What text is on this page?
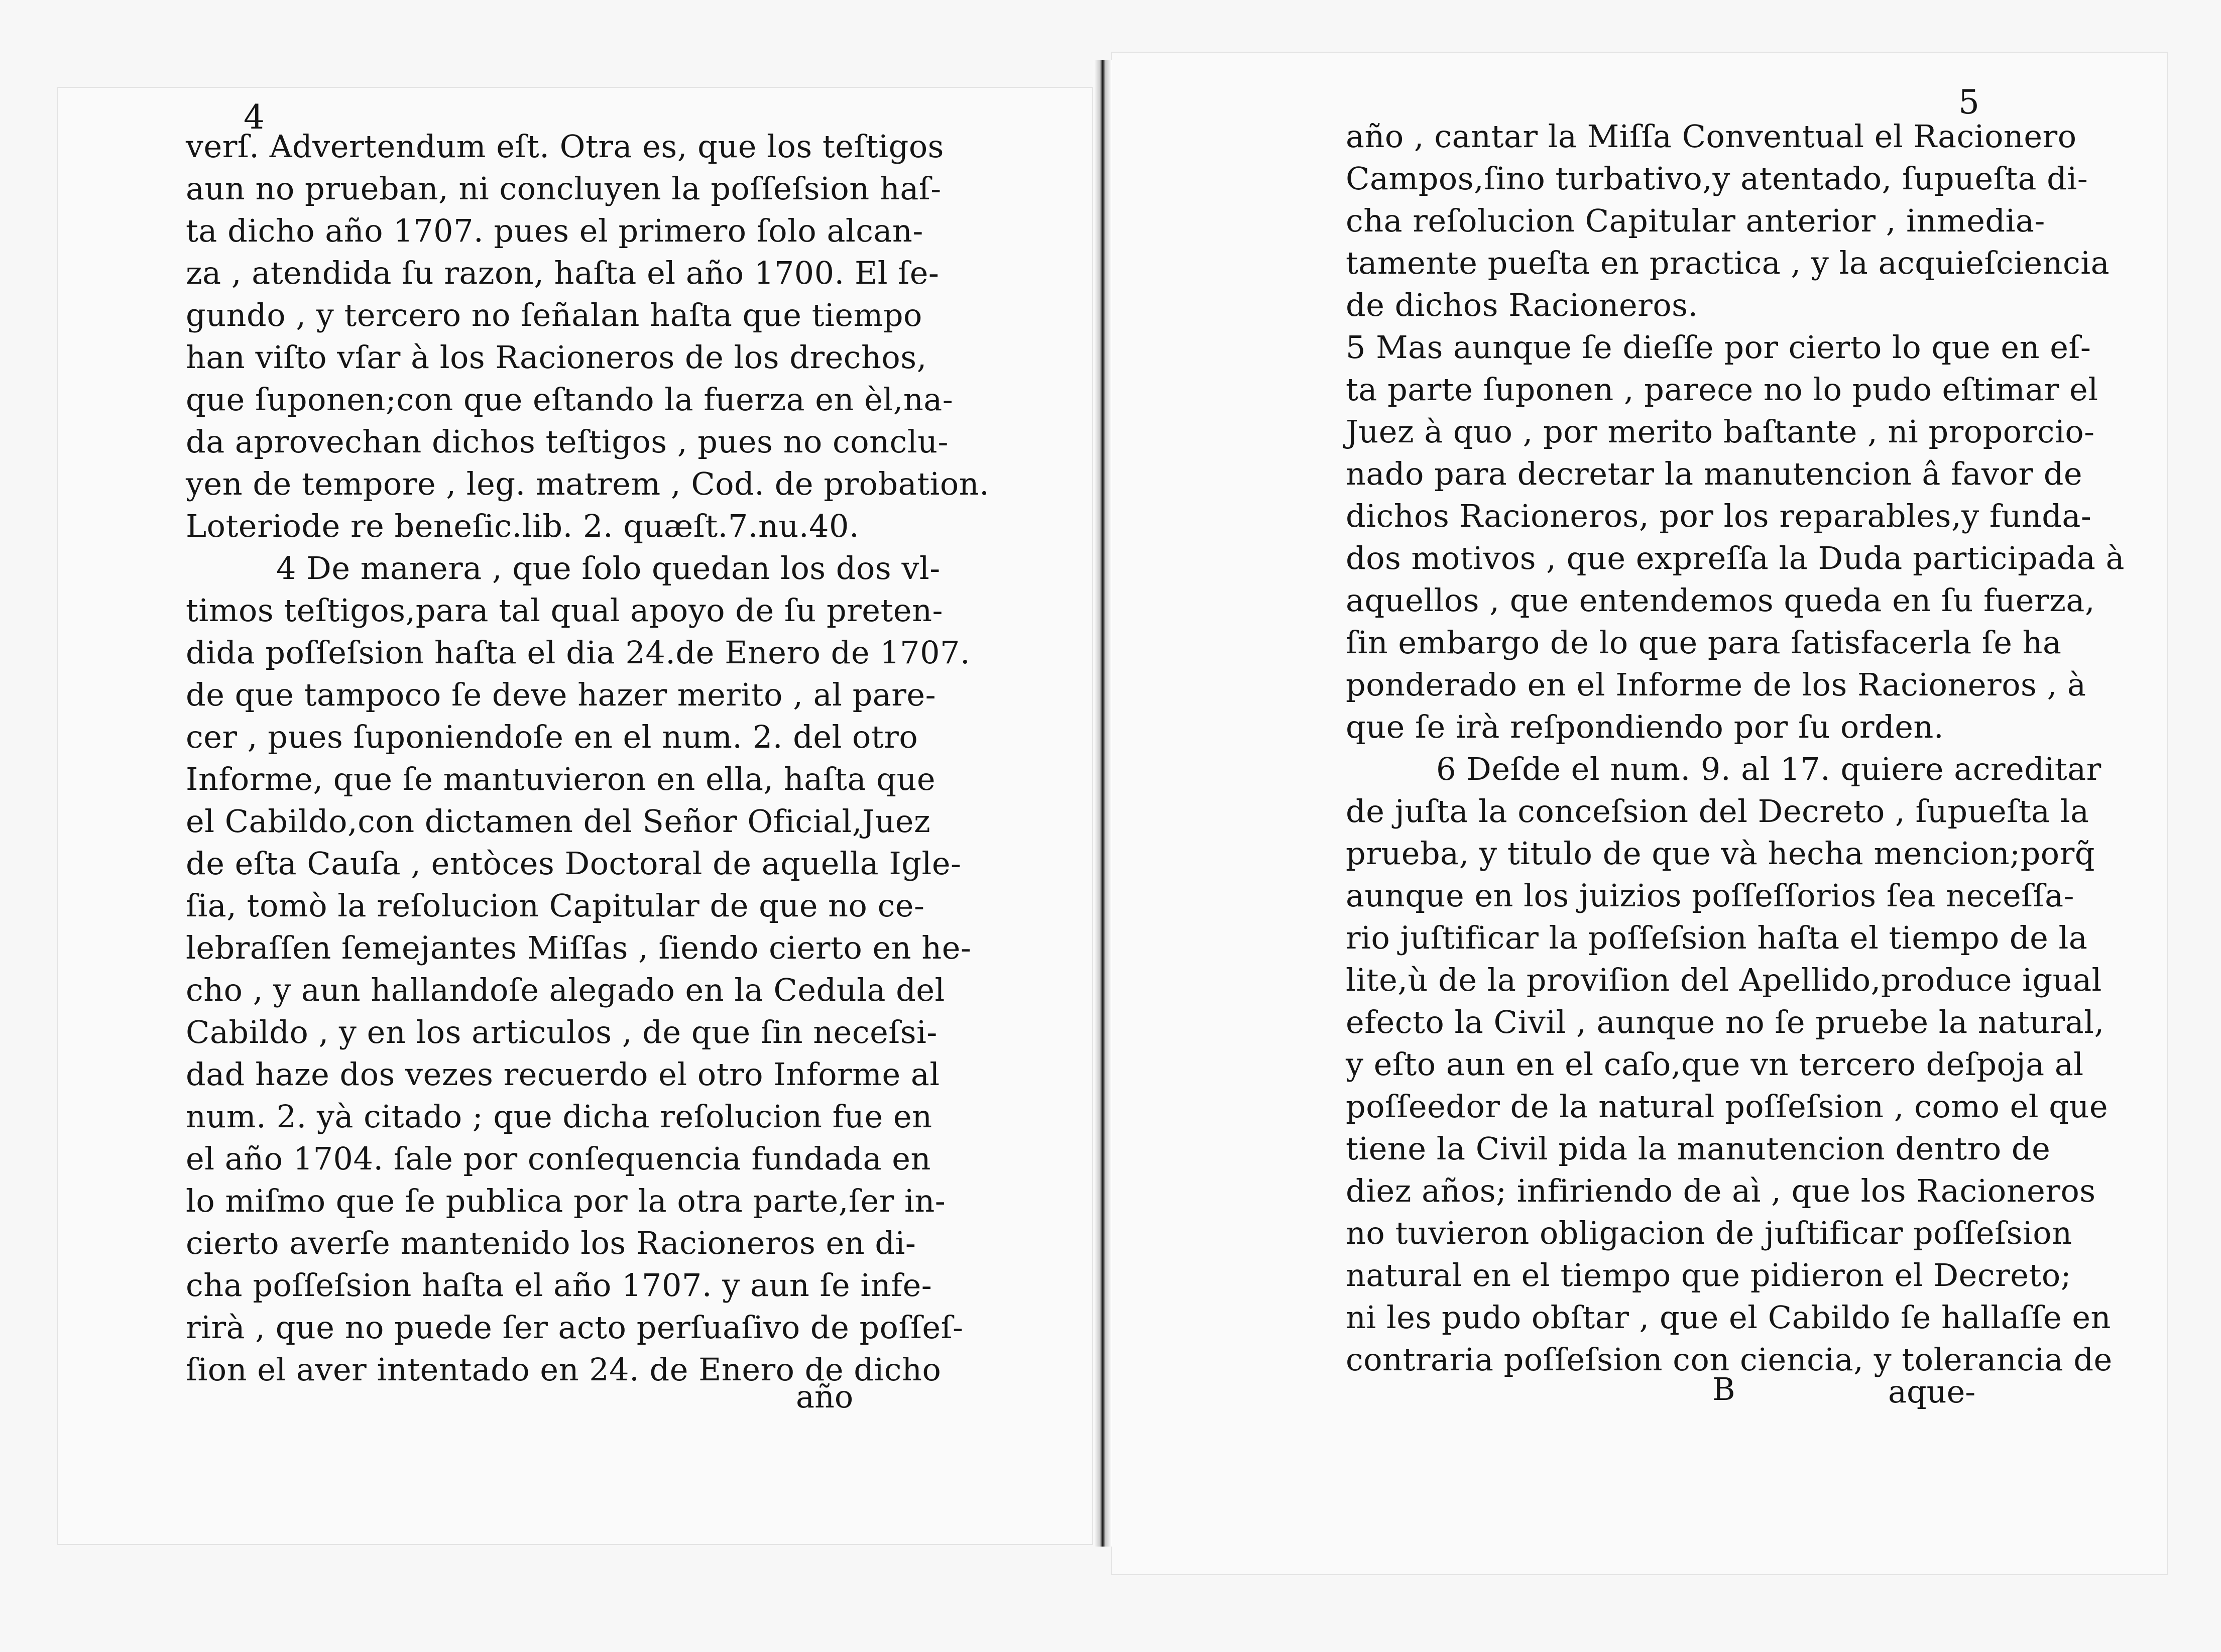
4	5
verſ. Advertendum eſt. Otra es, que los teſtigos
aun no prueban, ni concluyen la poſſeſsion haſ-
ta dicho año 1707. pues el primero ſolo alcan-
za , atendida ſu razon, haſta el año 1700. El ſe-
gundo , y tercero no ſeñalan haſta que tiempo
han viſto vſar à los Racioneros de los drechos,
que ſuponen;con que eſtando la fuerza en èl,na-
da aprovechan dichos teſtigos , pues no conclu-
yen de tempore , leg. matrem , Cod. de probation.
Loteriode re beneſic.lib. 2. quæſt.7.nu.40.
4 De manera , que ſolo quedan los dos vl-
timos teſtigos,para tal qual apoyo de ſu preten-
dida poſſeſsion haſta el dia 24.de Enero de 1707.
de que tampoco ſe deve hazer merito , al pare-
cer , pues ſuponiendoſe en el num. 2. del otro
Informe, que ſe mantuvieron en ella, haſta que
el Cabildo,con dictamen del Señor Oficial,Juez
de eſta Cauſa , entòces Doctoral de aquella Igle-
ſia, tomò la reſolucion Capitular de que no ce-
lebraſſen ſemejantes Miſſas , ſiendo cierto en he-
cho , y aun hallandoſe alegado en la Cedula del
Cabildo , y en los articulos , de que ſin neceſsi-
dad haze dos vezes recuerdo el otro Informe al
num. 2. yà citado ; que dicha reſolucion fue en
el año 1704. ſale por conſequencia fundada en
lo miſmo que ſe publica por la otra parte,ſer in-
cierto averſe mantenido los Racioneros en di-
cha poſſeſsion haſta el año 1707. y aun ſe infe-
rirà , que no puede ſer acto perſuaſivo de poſſeſ-
ſion el aver intentado en 24. de Enero de dicho
año
año , cantar la Miſſa Conventual el Racionero
Campos,ſino turbativo,y atentado, ſupueſta di-
cha reſolucion Capitular anterior , inmedia-
tamente pueſta en practica , y la acquieſciencia
de dichos Racioneros.
5 Mas aunque ſe dieſſe por cierto lo que en eſ-
ta parte ſuponen , parece no lo pudo eſtimar el
Juez à quo , por merito baſtante , ni proporcio-
nado para decretar la manutencion â favor de
dichos Racioneros, por los reparables,y funda-
dos motivos , que expreſſa la Duda participada à
aquellos , que entendemos queda en ſu fuerza,
ſin embargo de lo que para ſatisfacerla ſe ha
ponderado en el Informe de los Racioneros , à
que ſe irà reſpondiendo por ſu orden.
6 Deſde el num. 9. al 17. quiere acreditar
de juſta la conceſsion del Decreto , ſupueſta la
prueba, y titulo de que và hecha mencion;porq̃
aunque en los juizios poſſeſſorios ſea neceſſa-
rio juſtificar la poſſeſsion haſta el tiempo de la
lite,ù de la proviſion del Apellido,produce igual
efecto la Civil , aunque no ſe pruebe la natural,
y eſto aun en el caſo,que vn tercero deſpoja al
poſſeedor de la natural poſſeſsion , como el que
tiene la Civil pida la manutencion dentro de
diez años; infiriendo de aì , que los Racioneros
no tuvieron obligacion de juſtificar poſſeſsion
natural en el tiempo que pidieron el Decreto;
ni les pudo obſtar , que el Cabildo ſe hallaſſe en
contraria poſſeſsion con ciencia, y tolerancia de
B	aque-
